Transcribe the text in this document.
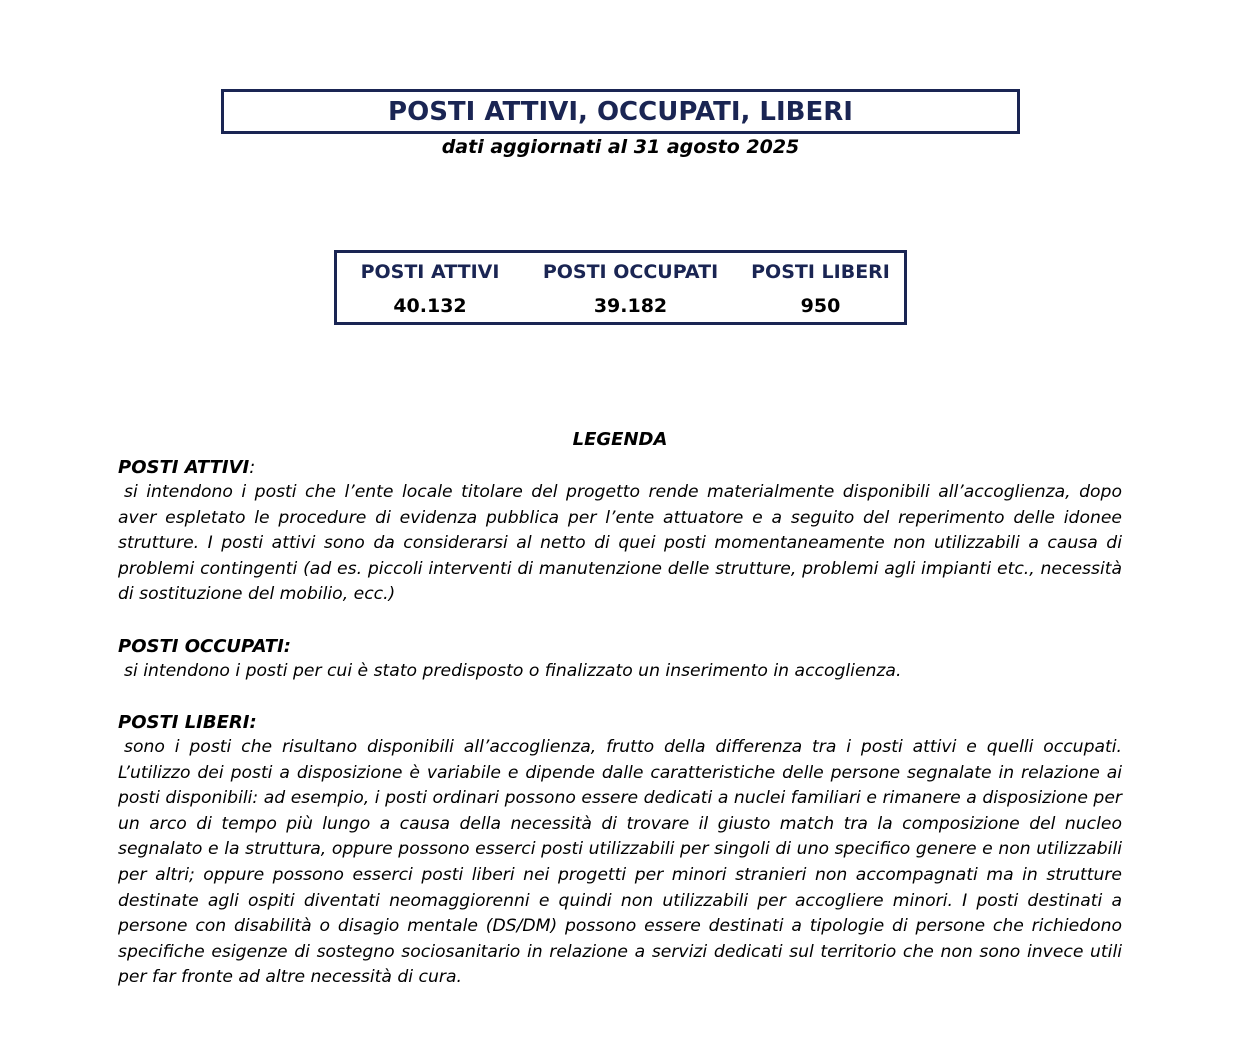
POSTI ATTIVI, OCCUPATI, LIBERI
dati aggiornati al 31 agosto 2025
POSTI ATTIVI
40.132
POSTI OCCUPATI
39.182
POSTI LIBERI
950
LEGENDA
POSTI ATTIVI:

si intendono i posti che l’ente locale titolare del progetto rende materialmente disponibili all’accoglienza, dopo aver espletato le procedure di evidenza pubblica per l’ente attuatore e a seguito del reperimento delle idonee strutture. I posti attivi sono da considerarsi al netto di quei posti momentaneamente non utilizzabili a causa di problemi contingenti (ad es. piccoli interventi di manutenzione delle strutture, problemi agli impianti etc., necessità di sostituzione del mobilio, ecc.)

POSTI OCCUPATI:

si intendono i posti per cui è stato predisposto o finalizzato un inserimento in accoglienza.

POSTI LIBERI:

sono i posti che risultano disponibili all’accoglienza, frutto della differenza tra i posti attivi e quelli occupati. L’utilizzo dei posti a disposizione è variabile e dipende dalle caratteristiche delle persone segnalate in relazione ai posti disponibili: ad esempio, i posti ordinari possono essere dedicati a nuclei familiari e rimanere a disposizione per un arco di tempo più lungo a causa della necessità di trovare il giusto match tra la composizione del nucleo segnalato e la struttura, oppure possono esserci posti utilizzabili per singoli di uno specifico genere e non utilizzabili per altri; oppure possono esserci posti liberi nei progetti per minori stranieri non accompagnati ma in strutture destinate agli ospiti diventati neomaggiorenni e quindi non utilizzabili per accogliere minori. I posti destinati a persone con disabilità o disagio mentale (DS/DM) possono essere destinati a tipologie di persone che richiedono specifiche esigenze di sostegno sociosanitario in relazione a servizi dedicati sul territorio che non sono invece utili per far fronte ad altre necessità di cura.
